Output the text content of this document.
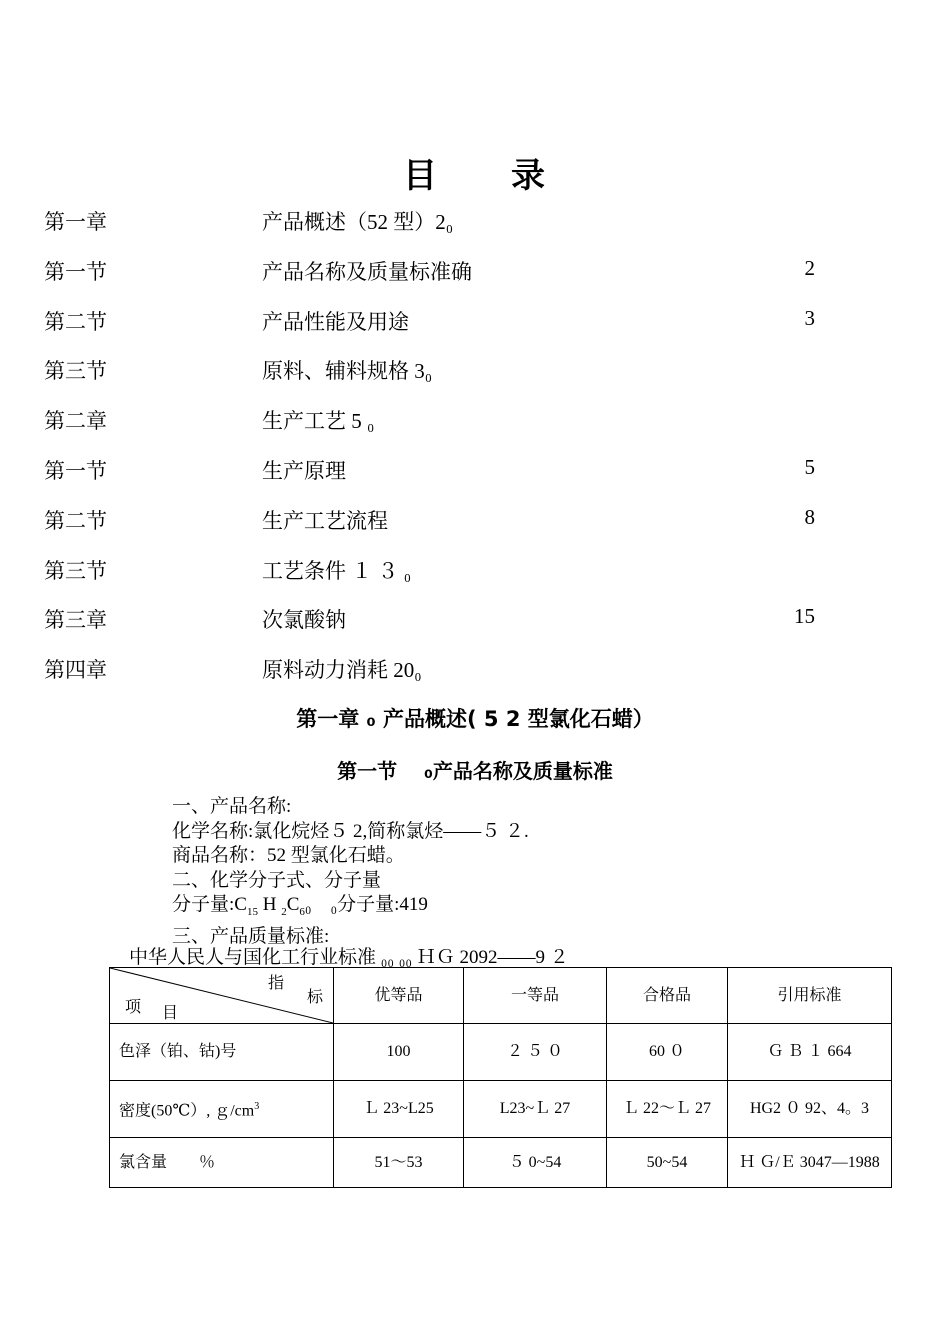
目　　录
第一章	产品概述（52 型）2₀
第一节	产品名称及质量标准确	2
第二节	产品性能及用途	3
第三节	原料、辅料规格 3₀
第二章	生产工艺 5 ₀
第一节	生产原理	5
第二节	生产工艺流程	8
第三节	工艺条件 １ ３ ₀
第三章	次氯酸钠	15
第四章	原料动力消耗 20₀
第一章 ₀ 产品概述( 5 2 型氯化石蜡）
第一节　 ₀产品名称及质量标准
一、产品名称:
化学名称:氯化烷烃５ 2,简称氯烃——５ ２.
商品名称：52 型氯化石蜡。
二、化学分子式、分子量
分子量$:C_{15}$ H $_2C_6_0$　₀分子量:419
三、产品质量标准:
中华人民人与国化工行业标准 ₀₀ ₀₀ ＨＧ 2092——9 ２
指
标
项 目	优等品	一等品	合格品	引用标准
色泽（铂、钴)号	100	２ ５ ０	60 ０	Ｇ Ｂ １ 664
密度(50℃）, $g/cm^3$	Ｌ 23~L25	L23~Ｌ 27	Ｌ 22～Ｌ 27	HG2 ０ 92、4。3
氯含量　　％	51～53	５ 0~54	50~54	Ｈ Ｇ/Ｅ 3047—1988
